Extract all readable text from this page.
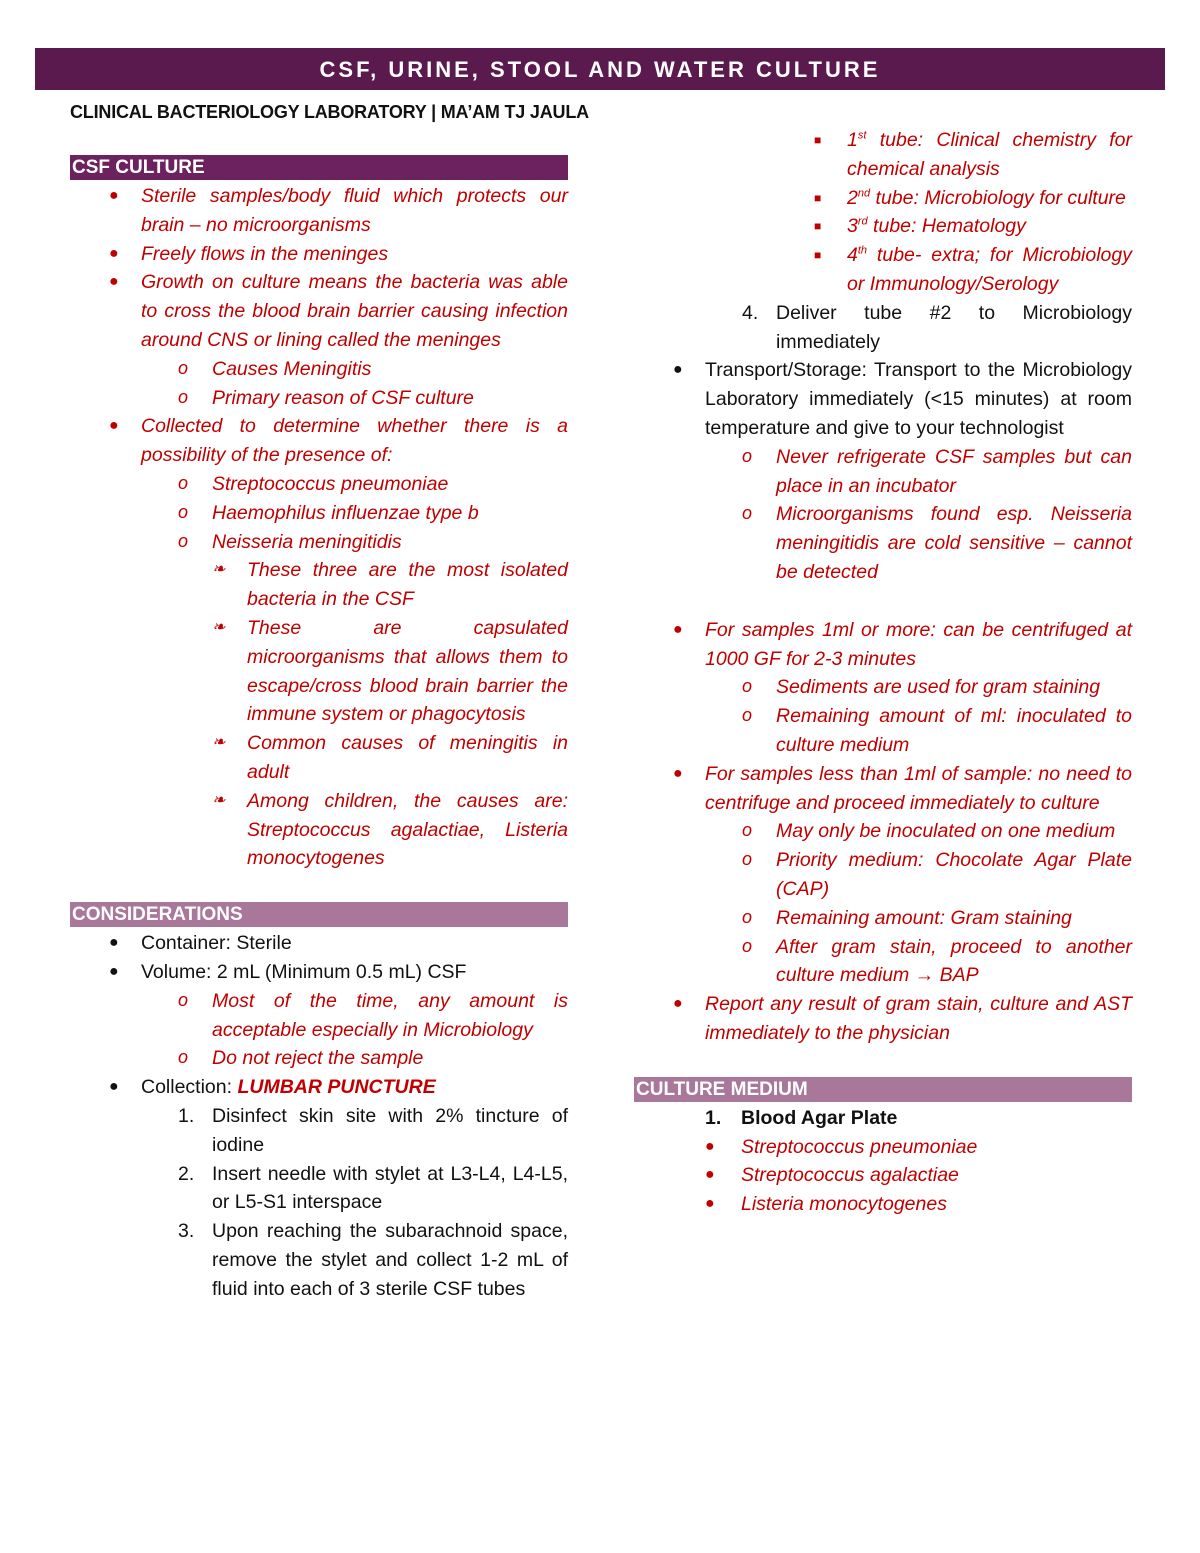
CSF, URINE, STOOL AND WATER CULTURE
CLINICAL BACTERIOLOGY LABORATORY | MA’AM TJ JAULA
CSF CULTURE
● Sterile samples/body fluid which protects our brain – no microorganisms
● Freely flows in the meninges
● Growth on culture means the bacteria was able to cross the blood brain barrier causing infection around CNS or lining called the meninges
o Causes Meningitis
o Primary reason of CSF culture
● Collected to determine whether there is a possibility of the presence of:
o Streptococcus pneumoniae
o Haemophilus influenzae type b
o Neisseria meningitidis
❧ These three are the most isolated bacteria in the CSF
❧ These are capsulated microorganisms that allows them to escape/cross blood brain barrier the immune system or phagocytosis
❧ Common causes of meningitis in adult
❧ Among children, the causes are: Streptococcus agalactiae, Listeria monocytogenes
CONSIDERATIONS
● Container: Sterile
● Volume: 2 mL (Minimum 0.5 mL) CSF
o Most of the time, any amount is acceptable especially in Microbiology
o Do not reject the sample
● Collection: LUMBAR PUNCTURE
1. Disinfect skin site with 2% tincture of iodine
2. Insert needle with stylet at L3-L4, L4-L5, or L5-S1 interspace
3. Upon reaching the subarachnoid space, remove the stylet and collect 1-2 mL of fluid into each of 3 sterile CSF tubes
■ 1st tube: Clinical chemistry for chemical analysis
■ 2nd tube: Microbiology for culture
■ 3rd tube: Hematology
■ 4th tube- extra; for Microbiology or Immunology/Serology
4. Deliver tube #2 to Microbiology immediately
● Transport/Storage: Transport to the Microbiology Laboratory immediately (<15 minutes) at room temperature and give to your technologist
o Never refrigerate CSF samples but can place in an incubator
o Microorganisms found esp. Neisseria meningitidis are cold sensitive – cannot be detected
● For samples 1ml or more: can be centrifuged at 1000 GF for 2-3 minutes
o Sediments are used for gram staining
o Remaining amount of ml: inoculated to culture medium
● For samples less than 1ml of sample: no need to centrifuge and proceed immediately to culture
o May only be inoculated on one medium
o Priority medium: Chocolate Agar Plate (CAP)
o Remaining amount: Gram staining
o After gram stain, proceed to another culture medium → BAP
● Report any result of gram stain, culture and AST immediately to the physician
CULTURE MEDIUM
1. Blood Agar Plate
● Streptococcus pneumoniae
● Streptococcus agalactiae
● Listeria monocytogenes
